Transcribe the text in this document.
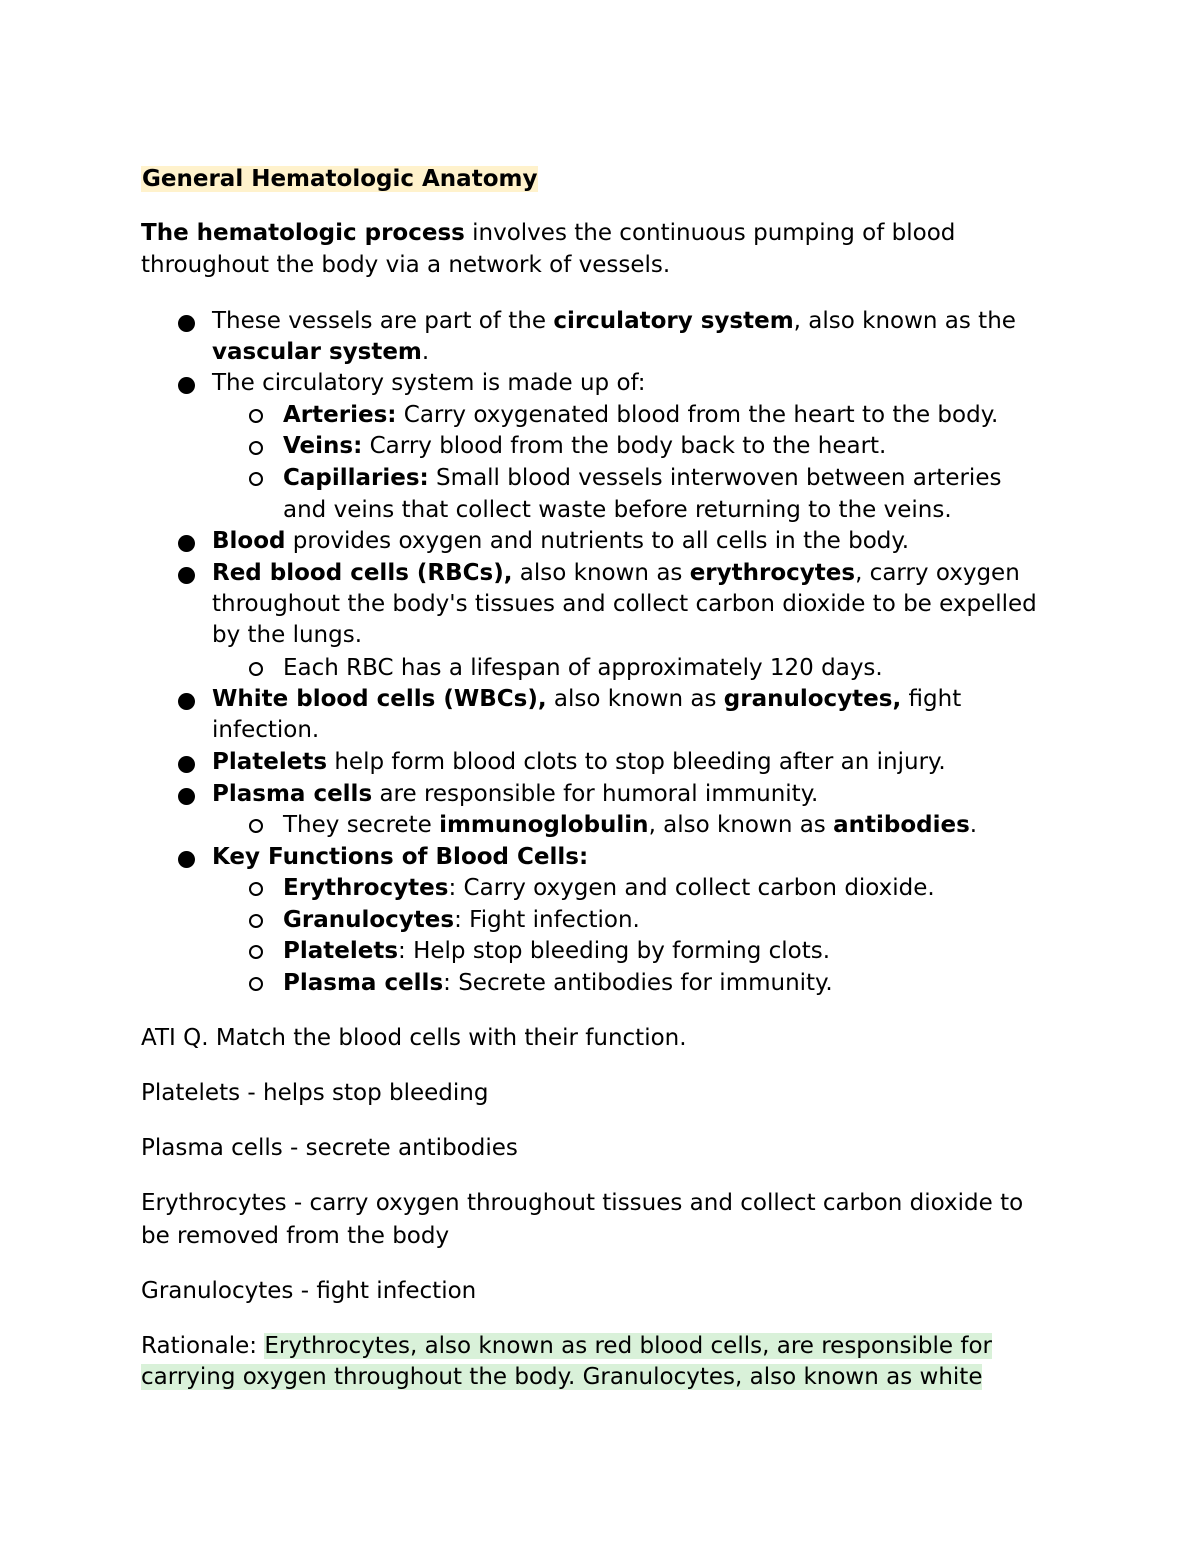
General Hematologic Anatomy
The hematologic process involves the continuous pumping of blood
throughout the body via a network of vessels.
These vessels are part of the circulatory system, also known as the
vascular system.
The circulatory system is made up of:
Arteries: Carry oxygenated blood from the heart to the body.
Veins: Carry blood from the body back to the heart.
Capillaries: Small blood vessels interwoven between arteries
and veins that collect waste before returning to the veins.
Blood provides oxygen and nutrients to all cells in the body.
Red blood cells (RBCs), also known as erythrocytes, carry oxygen
throughout the body's tissues and collect carbon dioxide to be expelled
by the lungs.
Each RBC has a lifespan of approximately 120 days.
White blood cells (WBCs), also known as granulocytes, fight
infection.
Platelets help form blood clots to stop bleeding after an injury.
Plasma cells are responsible for humoral immunity.
They secrete immunoglobulin, also known as antibodies.
Key Functions of Blood Cells:
Erythrocytes: Carry oxygen and collect carbon dioxide.
Granulocytes: Fight infection.
Platelets: Help stop bleeding by forming clots.
Plasma cells: Secrete antibodies for immunity.
ATI Q. Match the blood cells with their function.
Platelets - helps stop bleeding
Plasma cells - secrete antibodies
Erythrocytes - carry oxygen throughout tissues and collect carbon dioxide to
be removed from the body
Granulocytes - fight infection
Rationale: Erythrocytes, also known as red blood cells, are responsible for
carrying oxygen throughout the body. Granulocytes, also known as white
